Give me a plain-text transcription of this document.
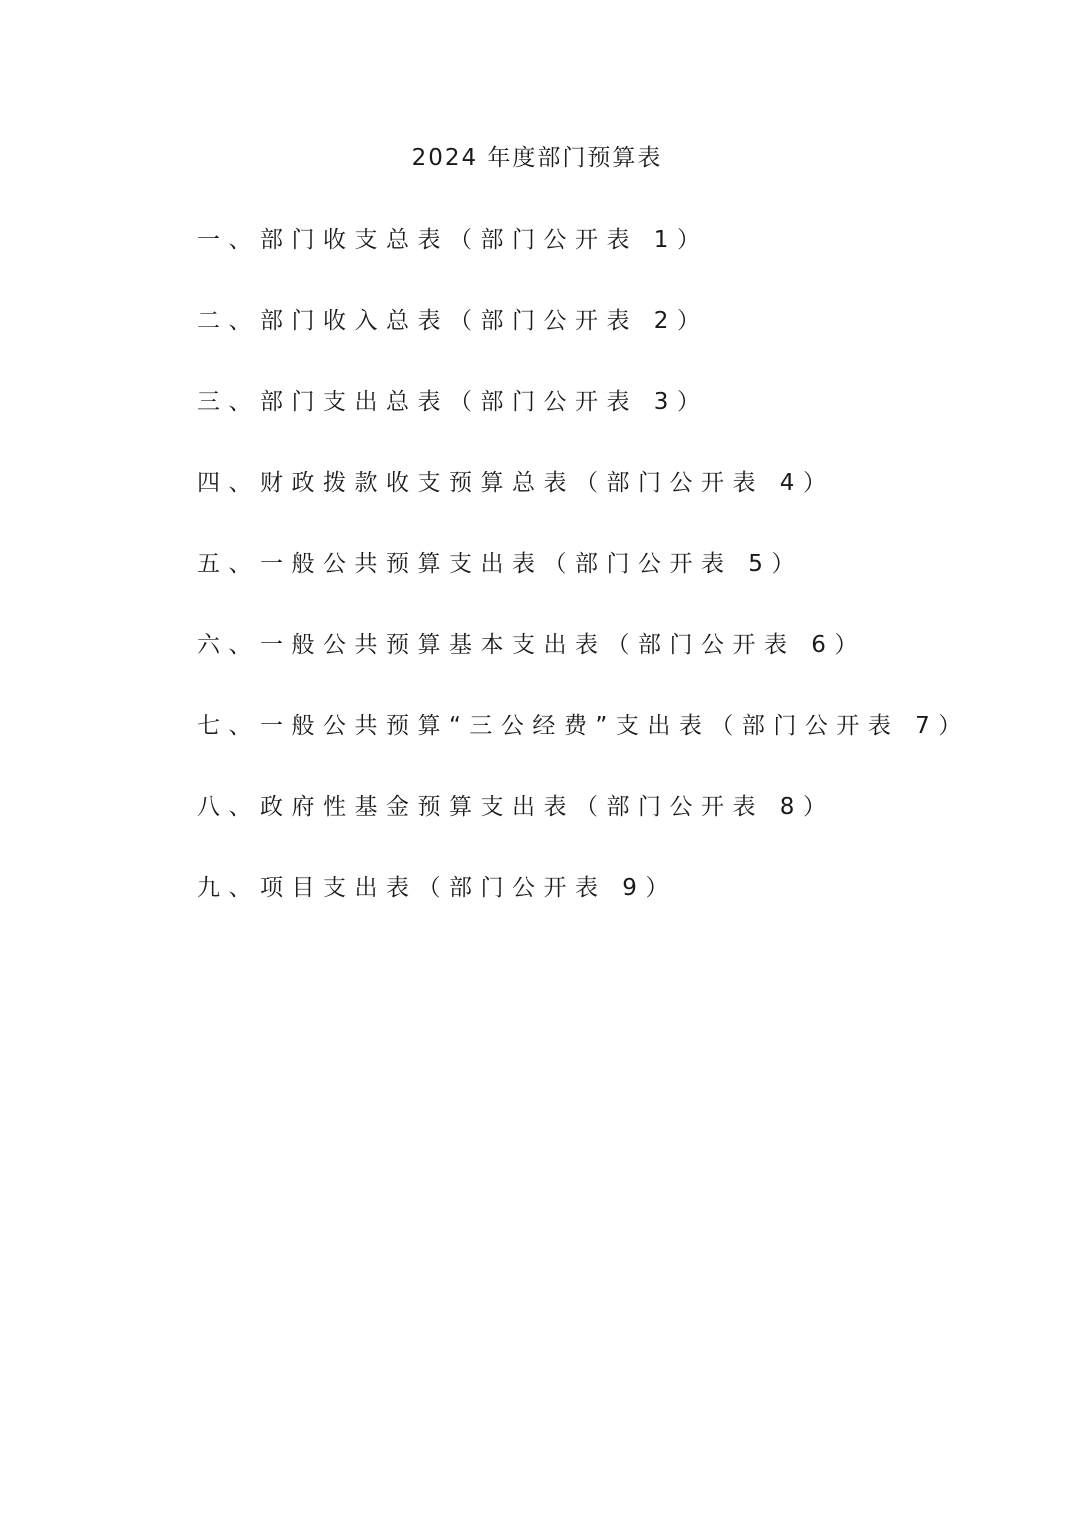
2024 年度部门预算表
一、部门收支总表（部门公开表 1）
二、部门收入总表（部门公开表 2）
三、部门支出总表（部门公开表 3）
四、财政拨款收支预算总表（部门公开表 4）
五、一般公共预算支出表（部门公开表 5）
六、一般公共预算基本支出表（部门公开表 6）
七、一般公共预算“三公经费”支出表（部门公开表 7）
八、政府性基金预算支出表（部门公开表 8）
九、项目支出表（部门公开表 9）
